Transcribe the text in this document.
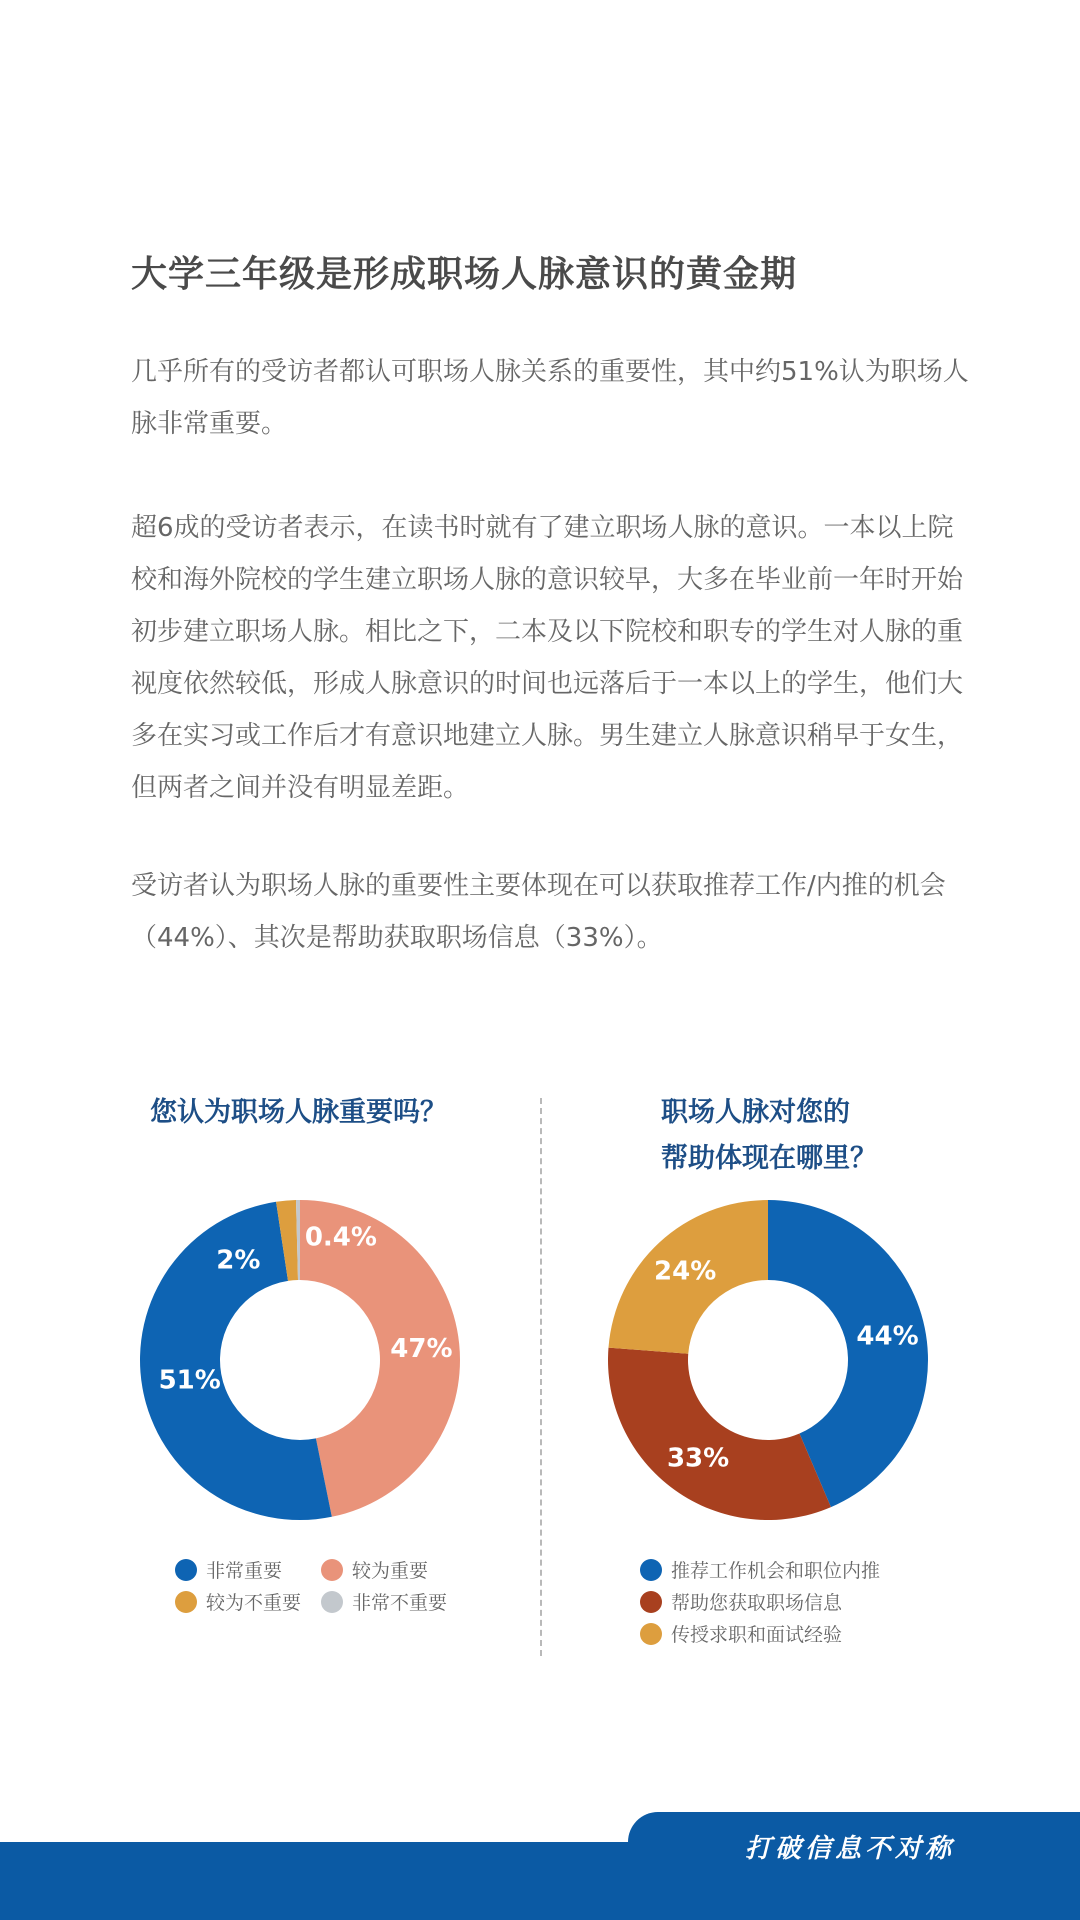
大学三年级是形成职场人脉意识的黄金期

几乎所有的受访者都认可职场人脉关系的重要性，其中约51%认为职场人脉非常重要。

超6成的受访者表示，在读书时就有了建立职场人脉的意识。一本以上院校和海外院校的学生建立职场人脉的意识较早，大多在毕业前一年时开始初步建立职场人脉。相比之下，二本及以下院校和职专的学生对人脉的重视度依然较低，形成人脉意识的时间也远落后于一本以上的学生，他们大多在实习或工作后才有意识地建立人脉。男生建立人脉意识稍早于女生，但两者之间并没有明显差距。

受访者认为职场人脉的重要性主要体现在可以获取推荐工作/内推的机会（44%）、其次是帮助获取职场信息（33%）。

您认为职场人脉重要吗？	职场人脉对您的
帮助体现在哪里？
47%
51%
2%
0.4%
44%
33%
24%
较为重要
非常重要
较为不重要	非常不重要
推荐工作机会和职位内推
帮助您获取职场信息
传授求职和面试经验
打破信息不对称
